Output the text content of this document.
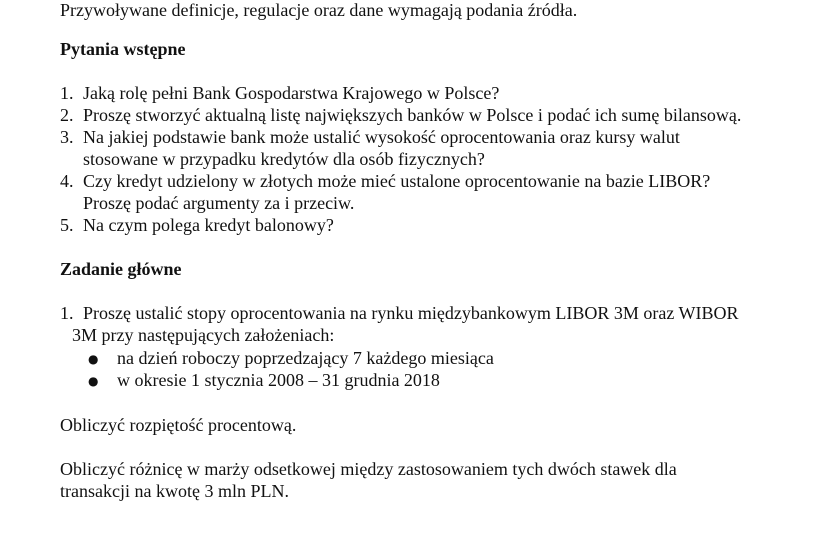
Przywoływane definicje, regulacje oraz dane wymagają podania źródła.
Pytania wstępne
1. Jaką rolę pełni Bank Gospodarstwa Krajowego w Polsce?
2. Proszę stworzyć aktualną listę największych banków w Polsce i podać ich sumę bilansową.
3. Na jakiej podstawie bank może ustalić wysokość oprocentowania oraz kursy walut
stosowane w przypadku kredytów dla osób fizycznych?
4. Czy kredyt udzielony w złotych może mieć ustalone oprocentowanie na bazie LIBOR?
Proszę podać argumenty za i przeciw.
5. Na czym polega kredyt balonowy?
Zadanie główne
1. Proszę ustalić stopy oprocentowania na rynku międzybankowym LIBOR 3M oraz WIBOR
3M przy następujących założeniach:
● na dzień roboczy poprzedzający 7 każdego miesiąca
● w okresie 1 stycznia 2008 – 31 grudnia 2018
Obliczyć rozpiętość procentową.
Obliczyć różnicę w marży odsetkowej między zastosowaniem tych dwóch stawek dla
transakcji na kwotę 3 mln PLN.
